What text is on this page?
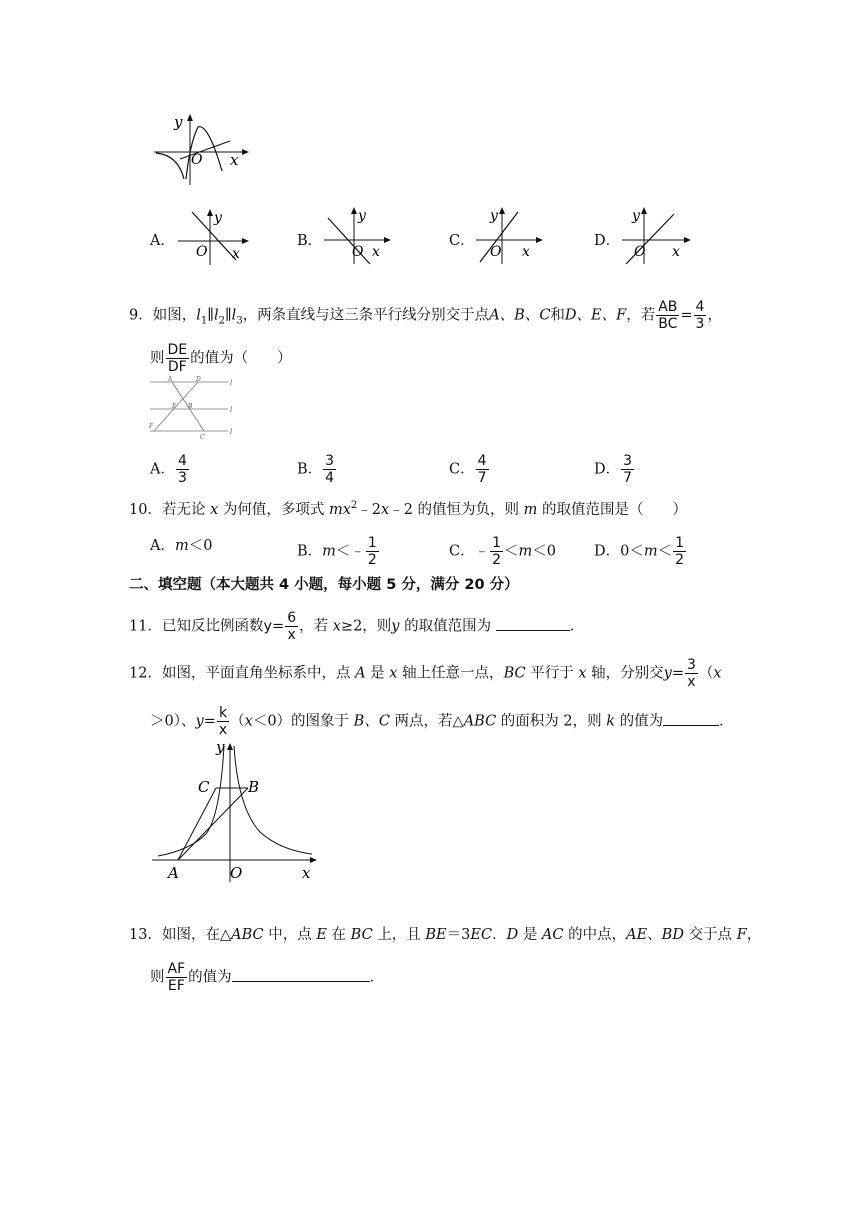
y
O x
A．
y
O x
B．
y
O x
C．
y
O x
D．
y
O x
9．如图，$l_1\parallel l_2\parallel l_3$，两条直线与这三条平行线分别交于点A、B、C和D、E、F，若 $\frac{AB}{BC} = \frac{4}{3}$ ，
则 $\frac{DE}{DF}$ 的值为（　　）
A	D
E B
F
C
l
l
l
A． $\frac{4}{3}$	B． $\frac{3}{4}$	C． $\frac{4}{7}$	D． $\frac{3}{7}$
10．若无论 x 为何值，多项式 $mx^2﹣2x﹣2$ 的值恒为负，则 m 的取值范围是（　　）
A．m＜0	B．m＜﹣ $\frac{1}{2}$	C．﹣ $\frac{1}{2} <m<0$	D．$0<m< \frac{1}{2}$
二、填空题（本大题共 4 小题，每小题 5 分，满分 20 分）
11．已知反比例函数$y= \frac{6}{x}$ ，若 x≥2，则y 的取值范围为	．
12．如图，平面直角坐标系中，点 A 是 x 轴上任意一点，BC 平行于 x 轴，分别交$y= \frac{3}{x} (x$
＞0）、$y= \frac{k}{x} (x<0)$的图象于 B、C 两点，若△ABC 的面积为 2，则 k 的值为	．
y
C	B
A	O	x
13．如图，在△ABC 中，点 E 在 BC 上，且 BE＝3EC．D 是 AC 的中点，AE、BD 交于点 F，
则 $\frac{AF}{EF}$ 的值为	．
